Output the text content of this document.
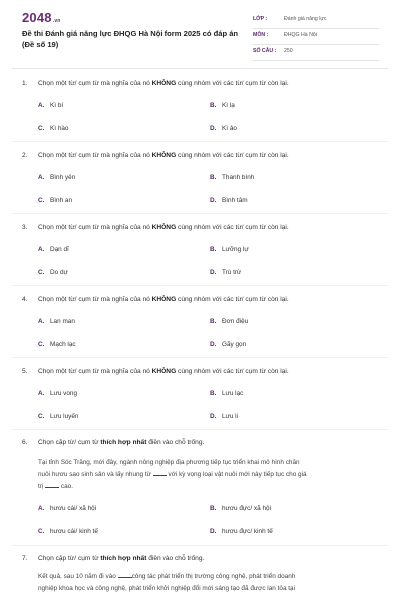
2048.vn
Đề thi Đánh giá năng lực ĐHQG Hà Nội form 2025 có đáp án (Đề số 19)
LỚP :	Đánh giá năng lực
MÔN :	ĐHQG Hà Nội
SỐ CÂU : 250
1. Chọn một từ/ cụm từ mà nghĩa của nó KHÔNG cùng nhóm với các từ/ cụm từ còn lại.
A. Kì bí	B. Kì lạ
C. Kì hào	D. Kì ảo
2. Chọn một từ/ cụm từ mà nghĩa của nó KHÔNG cùng nhóm với các từ/ cụm từ còn lại.
A. Bình yên	B. Thanh bình
C. Bình an	D. Bình tâm
3. Chọn một từ/ cụm từ mà nghĩa của nó KHÔNG cùng nhóm với các từ/ cụm từ còn lại.
A. Dạn dĩ	B. Lưỡng lự
C. Do dự	D. Trù trừ
4. Chọn một từ/ cụm từ mà nghĩa của nó KHÔNG cùng nhóm với các từ/ cụm từ còn lại.
A. Lan man	B. Đơn điệu
C. Mạch lạc	D. Gãy gọn
5. Chọn một từ/ cụm từ mà nghĩa của nó KHÔNG cùng nhóm với các từ/ cụm từ còn lại.
A. Lưu vong	B. Lưu lạc
C. Lưu luyến	D. Lưu li
6. Chọn cặp từ/ cụm từ thích hợp nhất điền vào chỗ trống.
Tại tỉnh Sóc Trăng, mới đây, ngành nông nghiệp địa phương tiếp tục triển khai mô hình chăn
nuôi hươu sao sinh sản và lấy nhung từ	với kỳ vọng loại vật nuôi mới này tiếp tục cho giá
trị	cao.
A. hươu cái/ xã hội	B. hươu đực/ xã hội
C. hươu cái/ kinh tế	D. hươu đực/ kinh tế
7. Chọn cặp từ/ cụm từ thích hợp nhất điền vào chỗ trống.
Kết quả, sau 10 năm đi vào công tác phát triển thị trường công nghệ, phát triển doanh
nghiệp khoa học và công nghệ, phát triển khởi nghiệp đổi mới sáng tạo đã được lan tỏa tại
